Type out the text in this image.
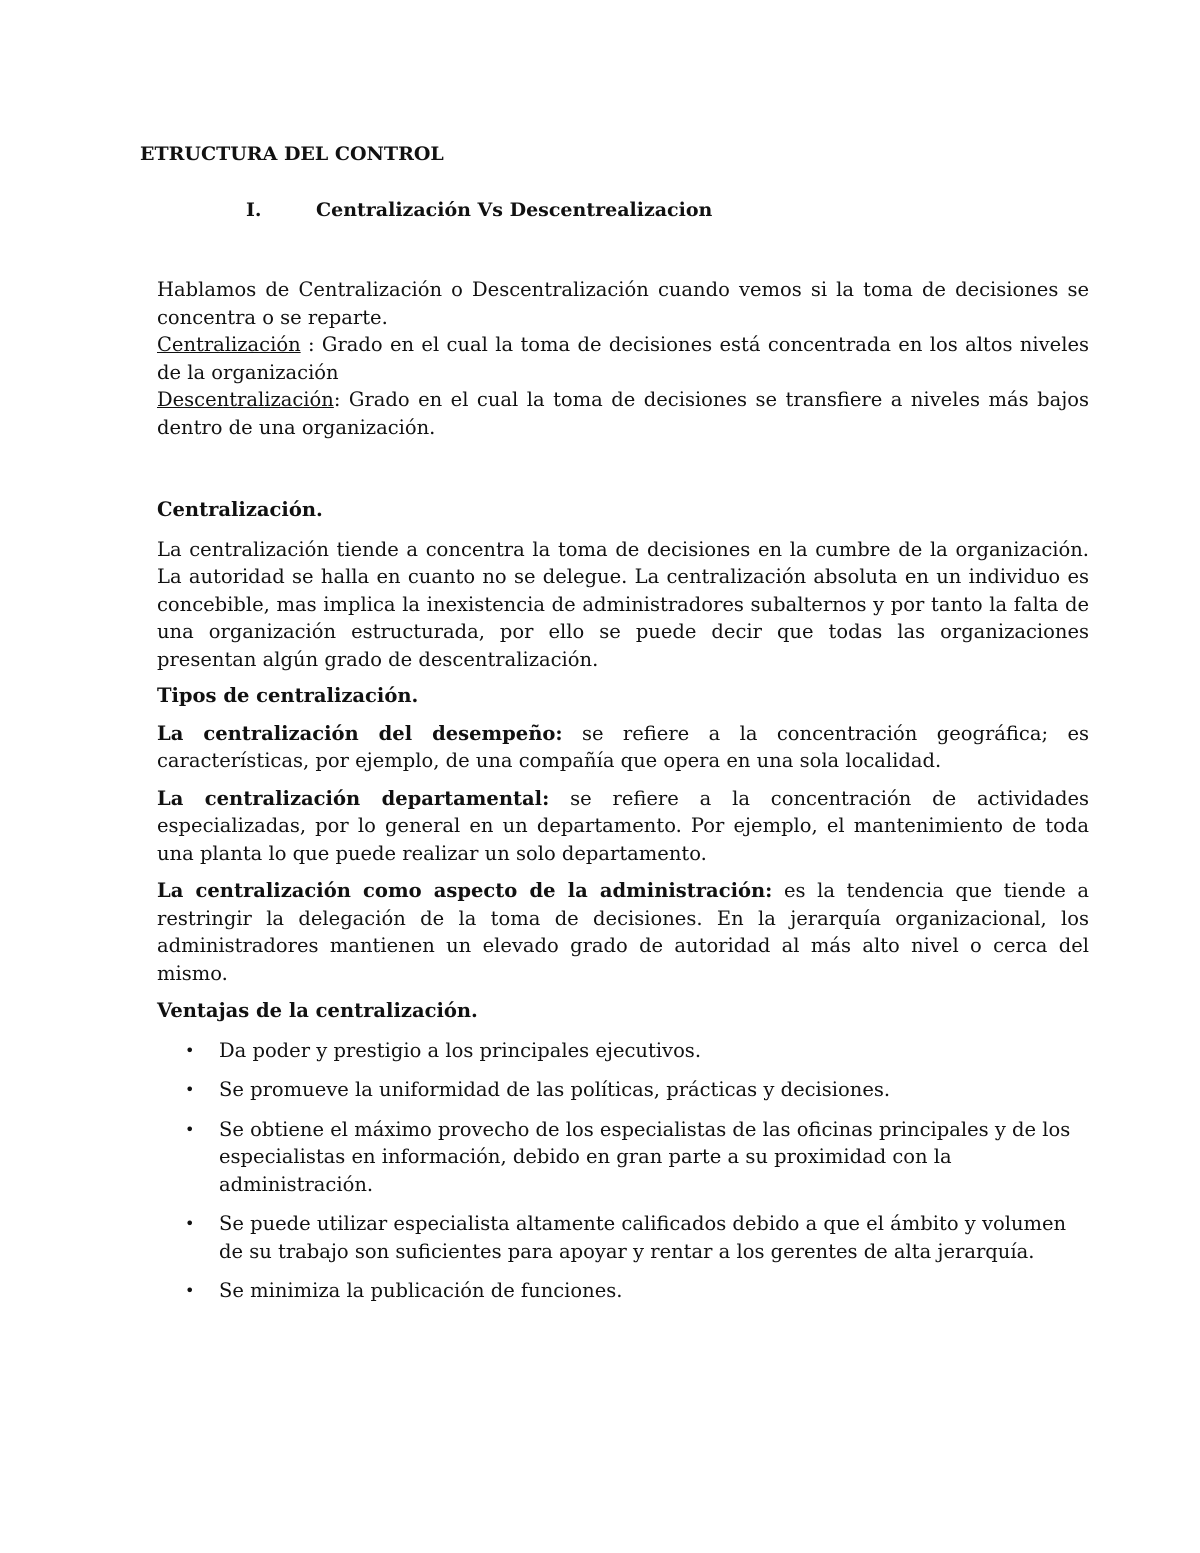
ETRUCTURA DEL CONTROL
I.	Centralización Vs Descentrealizacion

Hablamos de Centralización o Descentralización cuando vemos si la toma de decisiones se concentra o se reparte.

Centralización : Grado en el cual la toma de decisiones está concentrada en los altos niveles de la organización

Descentralización: Grado en el cual la toma de decisiones se transfiere a niveles más bajos dentro de una organización.

Centralización.

La centralización tiende a concentra la toma de decisiones en la cumbre de la organización. La autoridad se halla en cuanto no se delegue. La centralización absoluta en un individuo es concebible, mas implica la inexistencia de administradores subalternos y por tanto la falta de una organización estructurada, por ello se puede decir que todas las organizaciones presentan algún grado de descentralización.

Tipos de centralización.

La centralización del desempeño: se refiere a la concentración geográfica; es características, por ejemplo, de una compañía que opera en una sola localidad.

La centralización departamental: se refiere a la concentración de actividades especializadas, por lo general en un departamento. Por ejemplo, el mantenimiento de toda una planta lo que puede realizar un solo departamento.

La centralización como aspecto de la administración: es la tendencia que tiende a restringir la delegación de la toma de decisiones. En la jerarquía organizacional, los administradores mantienen un elevado grado de autoridad al más alto nivel o cerca del mismo.

Ventajas de la centralización.

• Da poder y prestigio a los principales ejecutivos.
• Se promueve la uniformidad de las políticas, prácticas y decisiones.
• Se obtiene el máximo provecho de los especialistas de las oficinas principales y de los especialistas en información, debido en gran parte a su proximidad con la administración.
• Se puede utilizar especialista altamente calificados debido a que el ámbito y volumen de su trabajo son suficientes para apoyar y rentar a los gerentes de alta jerarquía.
• Se minimiza la publicación de funciones.
